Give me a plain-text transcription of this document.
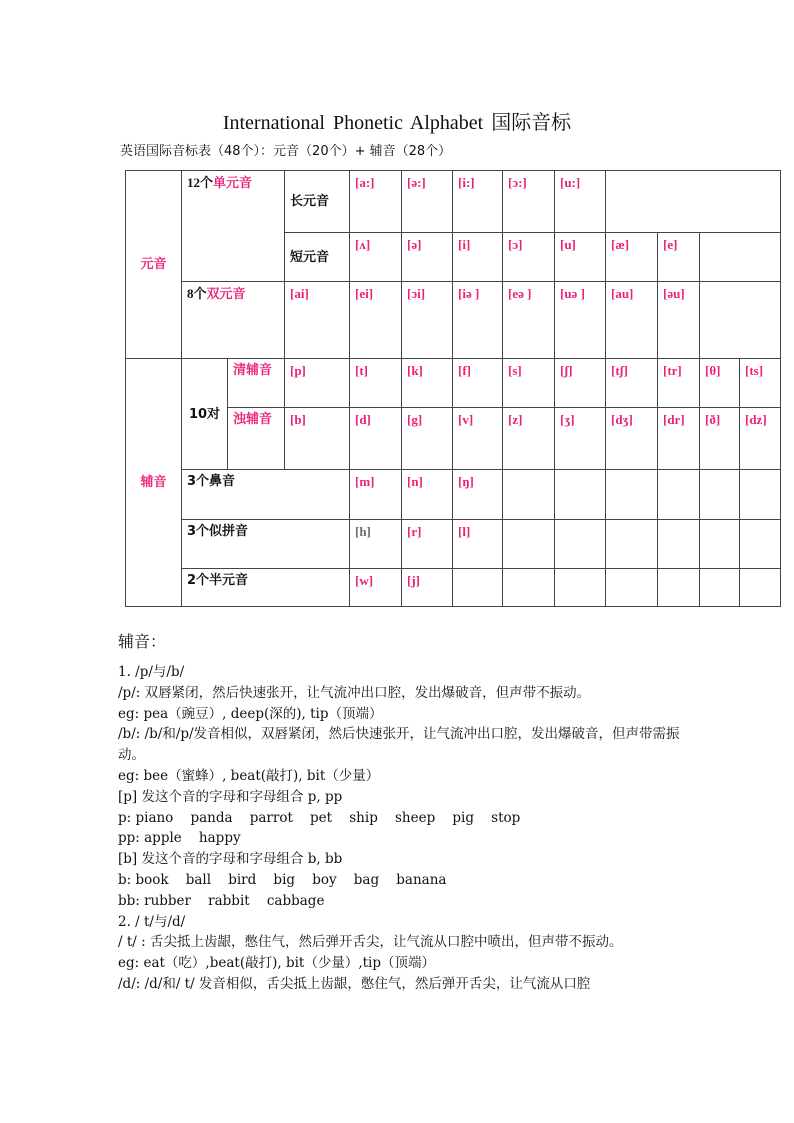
International Phonetic Alphabet 国际音标
英语国际音标表（48个）：元音（20个）+ 辅音（28个）
元音	12个单元音		长元音	[a:]	[ə:]	[i:]	[ɔ:]	[u:]					
			短元音	[ʌ]	[ə]	[i]	[ɔ]	[u]	[æ]	[e]			
	8个双元音		[ai]	[ei]	[ɔi]	[iə ]	[eə ]	[uə ]	[au]	[əu]			
辅音	10对	清辅音	[p]	[t]	[k]	[f]	[s]	[ʃ]	[tʃ]	[tr]	[θ]	[ts]	
		浊辅音	[b]	[d]	[g]	[v]	[z]	[ʒ]	[dʒ]	[dr]	[ð]	[dz]	
	3个鼻音			[m]	[n]	[ŋ]							
	3个似拼音			[h]	[r]	[l]							
	2个半元音			[w]	[j]								

辅音：

1. /p/与/b/

/p/: 双唇紧闭，然后快速张开，让气流冲出口腔，发出爆破音，但声带不振动。

eg: pea（豌豆）, deep(深的), tip（顶端）

/b/: /b/和/p/发音相似，双唇紧闭，然后快速张开，让气流冲出口腔，发出爆破音，但声带需振动。

eg: bee（蜜蜂）, beat(敲打), bit（少量）

[p] 发这个音的字母和字母组合 p, pp

p: piano    panda    parrot    pet    ship    sheep    pig    stop

pp: apple    happy

[b] 发这个音的字母和字母组合 b, bb

b: book    ball    bird    big    boy    bag    banana

bb: rubber    rabbit    cabbage

2. / t/与/d/

/ t/ : 舌尖抵上齿龈，憋住气，然后弹开舌尖，让气流从口腔中喷出，但声带不振动。

eg: eat（吃）,beat(敲打), bit（少量）,tip（顶端）

/d/: /d/和/ t/ 发音相似，舌尖抵上齿龈，憋住气，然后弹开舌尖，让气流从口腔
